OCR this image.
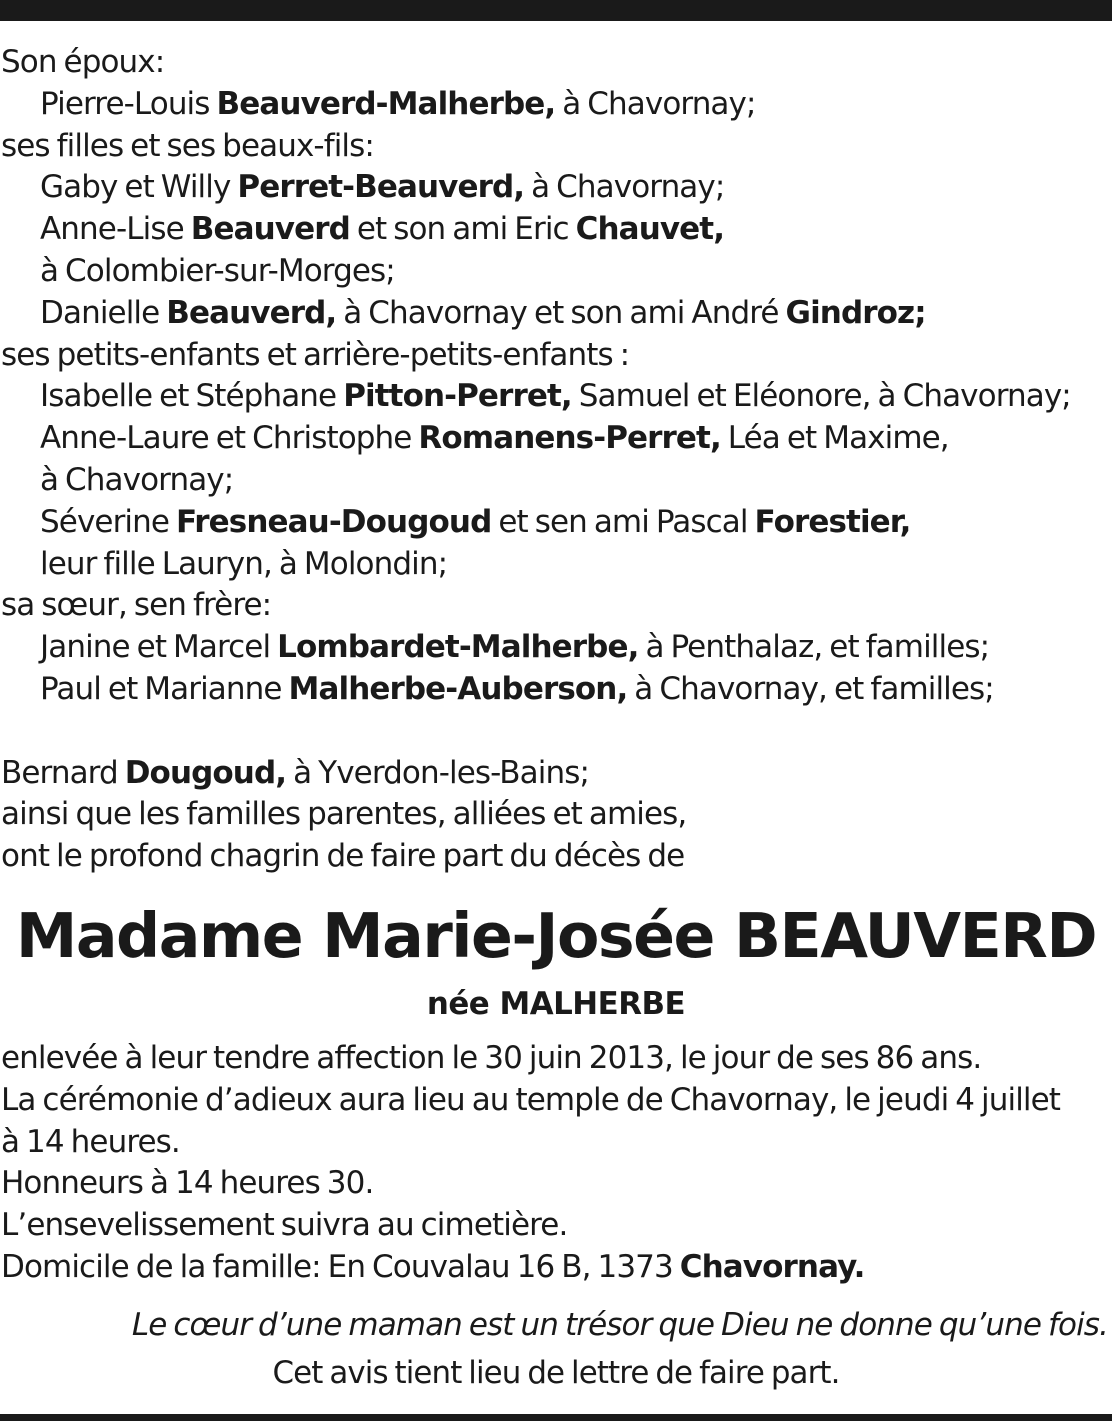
Son époux:
Pierre-Louis Beauverd-Malherbe, à Chavornay;
ses filles et ses beaux-fils:
Gaby et Willy Perret-Beauverd, à Chavornay;
Anne-Lise Beauverd et son ami Eric Chauvet,
à Colombier-sur-Morges;
Danielle Beauverd, à Chavornay et son ami André Gindroz;
ses petits-enfants et arrière-petits-enfants :
Isabelle et Stéphane Pitton-Perret, Samuel et Eléonore, à Chavornay;
Anne-Laure et Christophe Romanens-Perret, Léa et Maxime,
à Chavornay;
Séverine Fresneau-Dougoud et sen ami Pascal Forestier,
leur fille Lauryn, à Molondin;
sa sœur, sen frère:
Janine et Marcel Lombardet-Malherbe, à Penthalaz, et familles;
Paul et Marianne Malherbe-Auberson, à Chavornay, et familles;
Bernard Dougoud, à Yverdon-les-Bains;
ainsi que les familles parentes, alliées et amies,
ont le profond chagrin de faire part du décès de
Madame Marie-Josée BEAUVERD
née MALHERBE
enlevée à leur tendre affection le 30 juin 2013, le jour de ses 86 ans.
La cérémonie d’adieux aura lieu au temple de Chavornay, le jeudi 4 juillet
à 14 heures.
Honneurs à 14 heures 30.
L’ensevelissement suivra au cimetière.
Domicile de la famille: En Couvalau 16 B, 1373 Chavornay.
Le cœur d’une maman est un trésor que Dieu ne donne qu’une fois.
Cet avis tient lieu de lettre de faire part.
